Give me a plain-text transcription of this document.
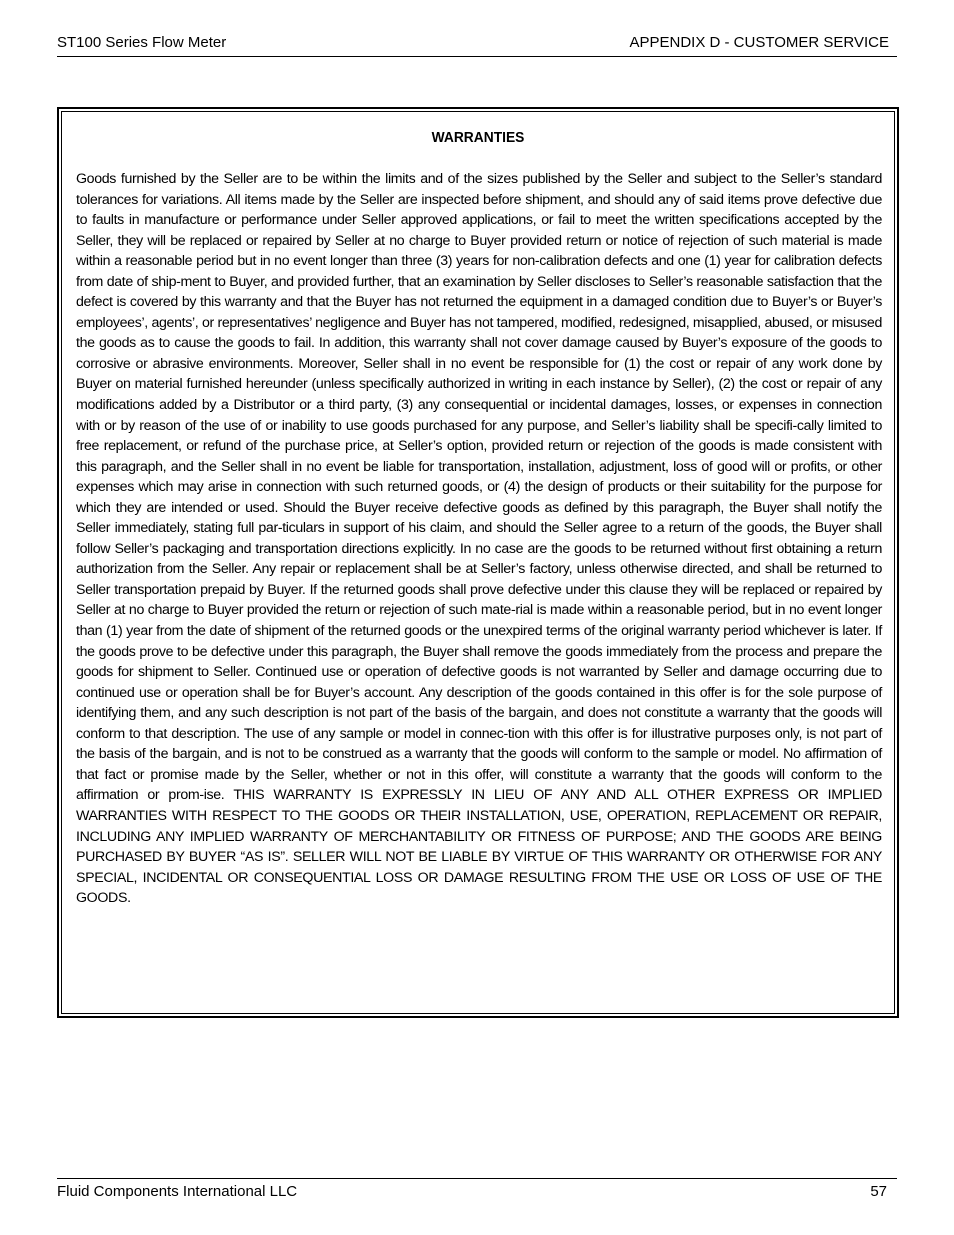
ST100 Series Flow Meter	APPENDIX D - CUSTOMER SERVICE
WARRANTIES
Goods furnished by the Seller are to be within the limits and of the sizes published by the Seller and subject to the Seller’s standard tolerances for variations. All items made by the Seller are inspected before shipment, and should any of said items prove defective due to faults in manufacture or performance under Seller approved applications, or fail to meet the written specifications accepted by the Seller, they will be replaced or repaired by Seller at no charge to Buyer provided return or notice of rejection of such material is made within a reasonable period but in no event longer than three (3) years for non-calibration defects and one (1) year for calibration defects from date of ship-ment to Buyer, and provided further, that an examination by Seller discloses to Seller’s reasonable satisfaction that the defect is covered by this warranty and that the Buyer has not returned the equipment in a damaged condition due to Buyer’s or Buyer’s employees’, agents’, or representatives’ negligence and Buyer has not tampered, modified, redesigned, misapplied, abused, or misused the goods as to cause the goods to fail. In addition, this warranty shall not cover damage caused by Buyer’s exposure of the goods to corrosive or abrasive environments. Moreover, Seller shall in no event be responsible for (1) the cost or repair of any work done by Buyer on material furnished hereunder (unless specifically authorized in writing in each instance by Seller), (2) the cost or repair of any modifications added by a Distributor or a third party, (3) any consequential or incidental damages, losses, or expenses in connection with or by reason of the use of or inability to use goods purchased for any purpose, and Seller’s liability shall be specifi-cally limited to free replacement, or refund of the purchase price, at Seller’s option, provided return or rejection of the goods is made consistent with this paragraph, and the Seller shall in no event be liable for transportation, installation, adjustment, loss of good will or profits, or other expenses which may arise in connection with such returned goods, or (4) the design of products or their suitability for the purpose for which they are intended or used. Should the Buyer receive defective goods as defined by this paragraph, the Buyer shall notify the Seller immediately, stating full par-ticulars in support of his claim, and should the Seller agree to a return of the goods, the Buyer shall follow Seller’s packaging and transportation directions explicitly. In no case are the goods to be returned without first obtaining a return authorization from the Seller. Any repair or replacement shall be at Seller’s factory, unless otherwise directed, and shall be returned to Seller transportation prepaid by Buyer. If the returned goods shall prove defective under this clause they will be replaced or repaired by Seller at no charge to Buyer provided the return or rejection of such mate-rial is made within a reasonable period, but in no event longer than (1) year from the date of shipment of the returned goods or the unexpired terms of the original warranty period whichever is later. If the goods prove to be defective under this paragraph, the Buyer shall remove the goods immediately from the process and prepare the goods for shipment to Seller. Continued use or operation of defective goods is not warranted by Seller and damage occurring due to continued use or operation shall be for Buyer’s account. Any description of the goods contained in this offer is for the sole purpose of identifying them, and any such description is not part of the basis of the bargain, and does not constitute a warranty that the goods will conform to that description. The use of any sample or model in connec-tion with this offer is for illustrative purposes only, is not part of the basis of the bargain, and is not to be construed as a warranty that the goods will conform to the sample or model. No affirmation of that fact or promise made by the Seller, whether or not in this offer, will constitute a warranty that the goods will conform to the affirmation or prom-ise. THIS WARRANTY IS EXPRESSLY IN LIEU OF ANY AND ALL OTHER EXPRESS OR IMPLIED WARRANTIES WITH RESPECT TO THE GOODS OR THEIR INSTALLATION, USE, OPERATION, REPLACEMENT OR REPAIR, INCLUDING ANY IMPLIED WARRANTY OF MERCHANTABILITY OR FITNESS OF PURPOSE; AND THE GOODS ARE BEING PURCHASED BY BUYER “AS IS”. SELLER WILL NOT BE LIABLE BY VIRTUE OF THIS WARRANTY OR OTHERWISE FOR ANY SPECIAL, INCIDENTAL OR CONSEQUENTIAL LOSS OR DAMAGE RESULTING FROM THE USE OR LOSS OF USE OF THE GOODS.
Fluid Components International LLC	57
